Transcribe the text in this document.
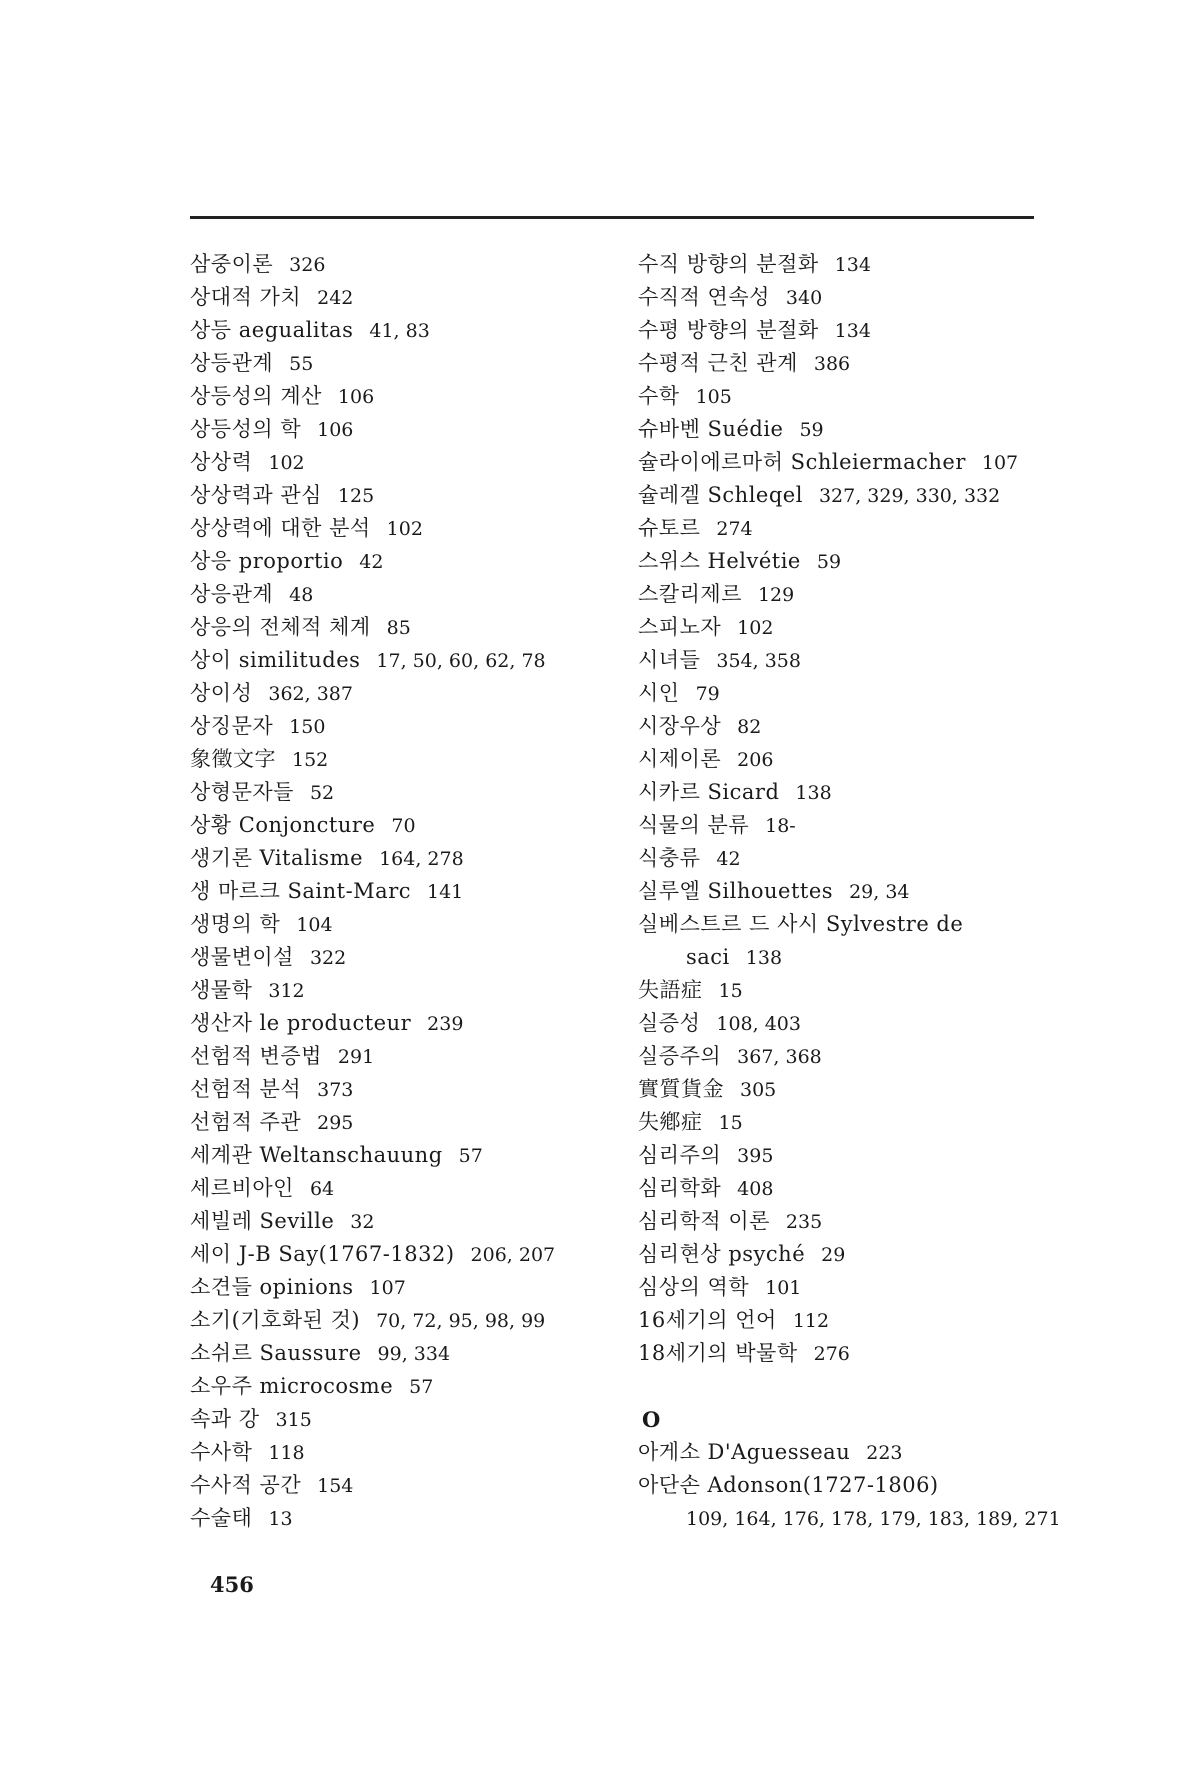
삼중이론 326
상대적 가치 242
상등 aegualitas 41, 83
상등관계 55
상등성의 계산 106
상등성의 학 106
상상력 102
상상력과 관심 125
상상력에 대한 분석 102
상응 proportio 42
상응관계 48
상응의 전체적 체계 85
상이 similitudes 17, 50, 60, 62, 78
상이성 362, 387
상징문자 150
象徵文字 152
상형문자들 52
상황 Conjoncture 70
생기론 Vitalisme 164, 278
생 마르크 Saint-Marc 141
생명의 학 104
생물변이설 322
생물학 312
생산자 le producteur 239
선험적 변증법 291
선험적 분석 373
선험적 주관 295
세계관 Weltanschauung 57
세르비아인 64
세빌레 Seville 32
세이 J-B Say(1767-1832) 206, 207
소견들 opinions 107
소기(기호화된 것) 70, 72, 95, 98, 99
소쉬르 Saussure 99, 334
소우주 microcosme 57
속과 강 315
수사학 118
수사적 공간 154
수술태 13
수직 방향의 분절화 134
수직적 연속성 340
수평 방향의 분절화 134
수평적 근친 관계 386
수학 105
슈바벤 Suédie 59
슐라이에르마허 Schleiermacher 107
슐레겔 Schleqel 327, 329, 330, 332
슈토르 274
스위스 Helvétie 59
스칼리제르 129
스피노자 102
시녀들 354, 358
시인 79
시장우상 82
시제이론 206
시카르 Sicard 138
식물의 분류 18-
식충류 42
실루엘 Silhouettes 29, 34
실베스트르 드 사시 Sylvestre de
saci 138
失語症 15
실증성 108, 403
실증주의 367, 368
實質貨金 305
失鄕症 15
심리주의 395
심리학화 408
심리학적 이론 235
심리현상 psyché 29
심상의 역학 101
16세기의 언어 112
18세기의 박물학 276
O
아게소 D'Aguesseau 223
아단손 Adonson(1727-1806)
109, 164, 176, 178, 179, 183, 189, 271
456
